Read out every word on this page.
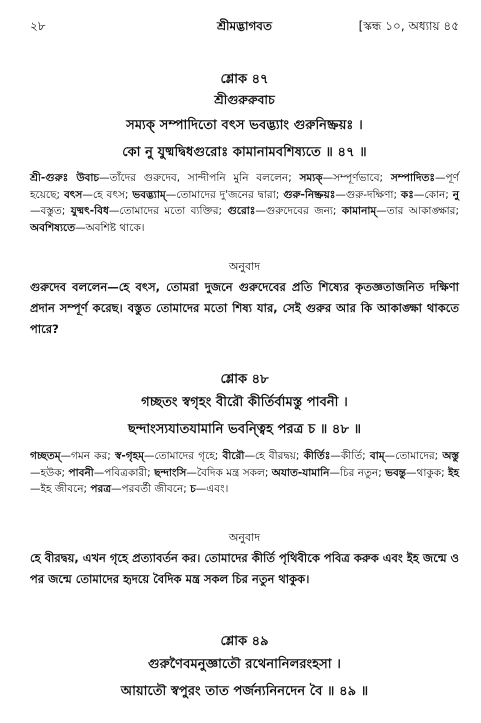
২৮	শ্রীমদ্ভাগবত	[স্কন্ধ ১০, অধ্যায় ৪৫
শ্লোক ৪৭
শ্রীগুরুরুবাচ
সম্যক্ সম্পাদিতো বৎস ভবদ্ভ্যাং গুরুনিষ্ক্রয়ঃ ।
কো নু যুষ্মদ্বিধগুরোঃ কামানামবশিষ্যতে ॥ ৪৭ ॥
শ্রী-গুরুঃ উবাচ—তাঁদের গুরুদেব, সান্দীপনি মুনি বললেন; সম্যক্—সম্পূর্ণভাবে; সম্পাদিতঃ—পূর্ণ হয়েছে; বৎস—হে বৎস; ভবদ্ভ্যাম্—তোমাদের দু'জনের দ্বারা; গুরু-নিষ্ক্রয়ঃ—গুরু-দক্ষিণা; কঃ—কোন; নু—বস্তুত; যুষ্মৎ-বিধ—তোমাদের মতো ব্যক্তির; গুরোঃ—গুরুদেবের জন্য; কামানাম্—তার আকাঙ্ক্ষার; অবশিষ্যতে—অবশিষ্ট থাকে।
অনুবাদ
গুরুদেব বললেন—হে বৎস, তোমরা দুজনে গুরুদেবের প্রতি শিষ্যের কৃতজ্ঞতাজনিত দক্ষিণা প্রদান সম্পূর্ণ করেছ। বস্তুত তোমাদের মতো শিষ্য যার, সেই গুরুর আর কি আকাঙ্ক্ষা থাকতে পারে?
শ্লোক ৪৮
গচ্ছতং স্বগৃহং বীরৌ কীর্তির্বামস্তু পাবনী ।
ছন্দাংস্যযাতযামানি ভবন্ত্বিহ পরত্র চ ॥ ৪৮ ॥
গচ্ছতম্—গমন কর; স্ব-গৃহম্—তোমাদের গৃহে; বীরৌ—হে বীরদ্বয়; কীর্তিঃ—কীর্তি; বাম্—তোমাদের; অস্তু—হউক; পাবনী—পবিত্রকারী; ছন্দাংসি—বৈদিক মন্ত্র সকল; অযাত-যামানি—চির নতুন; ভবন্তু—থাকুক; ইহ—ইহ জীবনে; পরত্র—পরবর্তী জীবনে; চ—এবং।
অনুবাদ
হে বীরদ্বয়, এখন গৃহে প্রত্যাবর্তন কর। তোমাদের কীর্তি পৃথিবীকে পবিত্র করুক এবং ইহ জন্মে ও পর জন্মে তোমাদের হৃদয়ে বৈদিক মন্ত্র সকল চির নতুন থাকুক।
শ্লোক ৪৯
গুরুণৈবমনুজ্ঞাতৌ রথেনানিলরংহসা ।
আয়াতৌ স্বপুরং তাত পর্জন্যনিনদেন বৈ ॥ ৪৯ ॥
